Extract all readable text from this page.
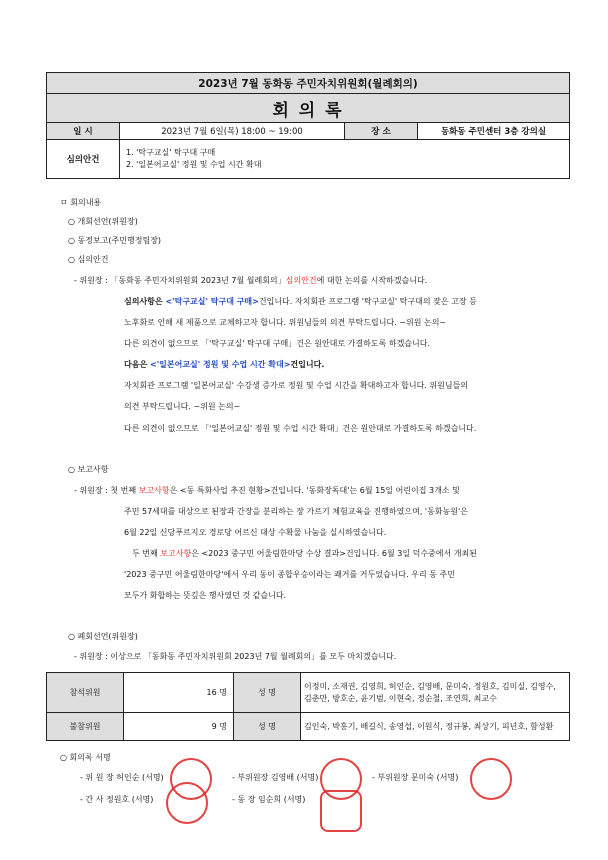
2023년 7월 동화동 주민자치위원회(월례회의)			
회 의 록			
일 시	2023년 7월 6일(목) 18:00 ~ 19:00	장 소	동화동 주민센터 3층 강의실
심의안건	1. '탁구교실' 탁구대 구매
2. '일본어교실' 정원 및 수업 시간 확대		
ㅁ 회의내용
○ 개회선언(위원장)
○ 동정보고(주민행정팀장)
○ 심의안건
- 위원장 : 「동화동 주민자치위원회 2023년 7월 월례회의」심의안건에 대한 논의를 시작하겠습니다.
심의사항은 <'탁구교실' 탁구대 구매>건입니다. 자치회관 프로그램 '탁구교실' 탁구대의 잦은 고장 등
노후화로 인해 새 제품으로 교체하고자 합니다. 위원님들의 의견 부탁드립니다. ~위원 논의~
다른 의견이 없으므로 「'탁구교실' 탁구대 구매」건은 원안대로 가결하도록 하겠습니다.
다음은 <'일본어교실' 정원 및 수업 시간 확대>건입니다.
자치회관 프로그램 '일본어교실' 수강생 증가로 정원 및 수업 시간을 확대하고자 합니다. 위원님들의
의견 부탁드립니다. ~위원 논의~
다른 의견이 없으므로 「'일본어교실' 정원 및 수업 시간 확대」건은 원안대로 가결하도록 하겠습니다.
○ 보고사항
- 위원장 : 첫 번째 보고사항은 <동 특화사업 추진 현황>건입니다. '동화장독대'는 6월 15일 어린이집 3개소 및
주민 57세대를 대상으로 된장과 간장을 분리하는 장 가르기 체험교육을 진행하였으며, '동화농원'은
6월 22일 신당푸르지오 경로당 어르신 대상 수확물 나눔을 실시하였습니다.
두 번째 보고사항은 <2023 중구민 어울림한마당 수상 결과>건입니다. 6월 3일 덕수중에서 개최된
'2023 중구민 어울림한마당'에서 우리 동이 종합우승이라는 쾌거를 거두었습니다. 우리 동 주민
모두가 화합하는 뜻깊은 행사였던 것 같습니다.
○ 폐회선언(위원장)
- 위원장 : 이상으로 「동화동 주민자치위원회 2023년 7월 월례회의」를 모두 마치겠습니다.
참석위원	16 명	성 명	이정미, 소재권, 김영희, 허인순, 김영배, 문미숙, 정원호, 김미실, 김영수, 김춘만, 방호순, 윤기범, 이현숙, 정순철, 조연희, 최교수
불참위원	9 명	성 명	김인숙, 박홍기, 배길식, 송영섭, 이원식, 정규봉, 최상기, 피년호, 함성환
○ 회의록 서명
- 위 원 장 허인순 (서명)	- 부위원장 김영배 (서명)	- 부위원장 문미숙 (서명)
- 간 사 정원호 (서명)	- 동 장 임순희 (서명)
